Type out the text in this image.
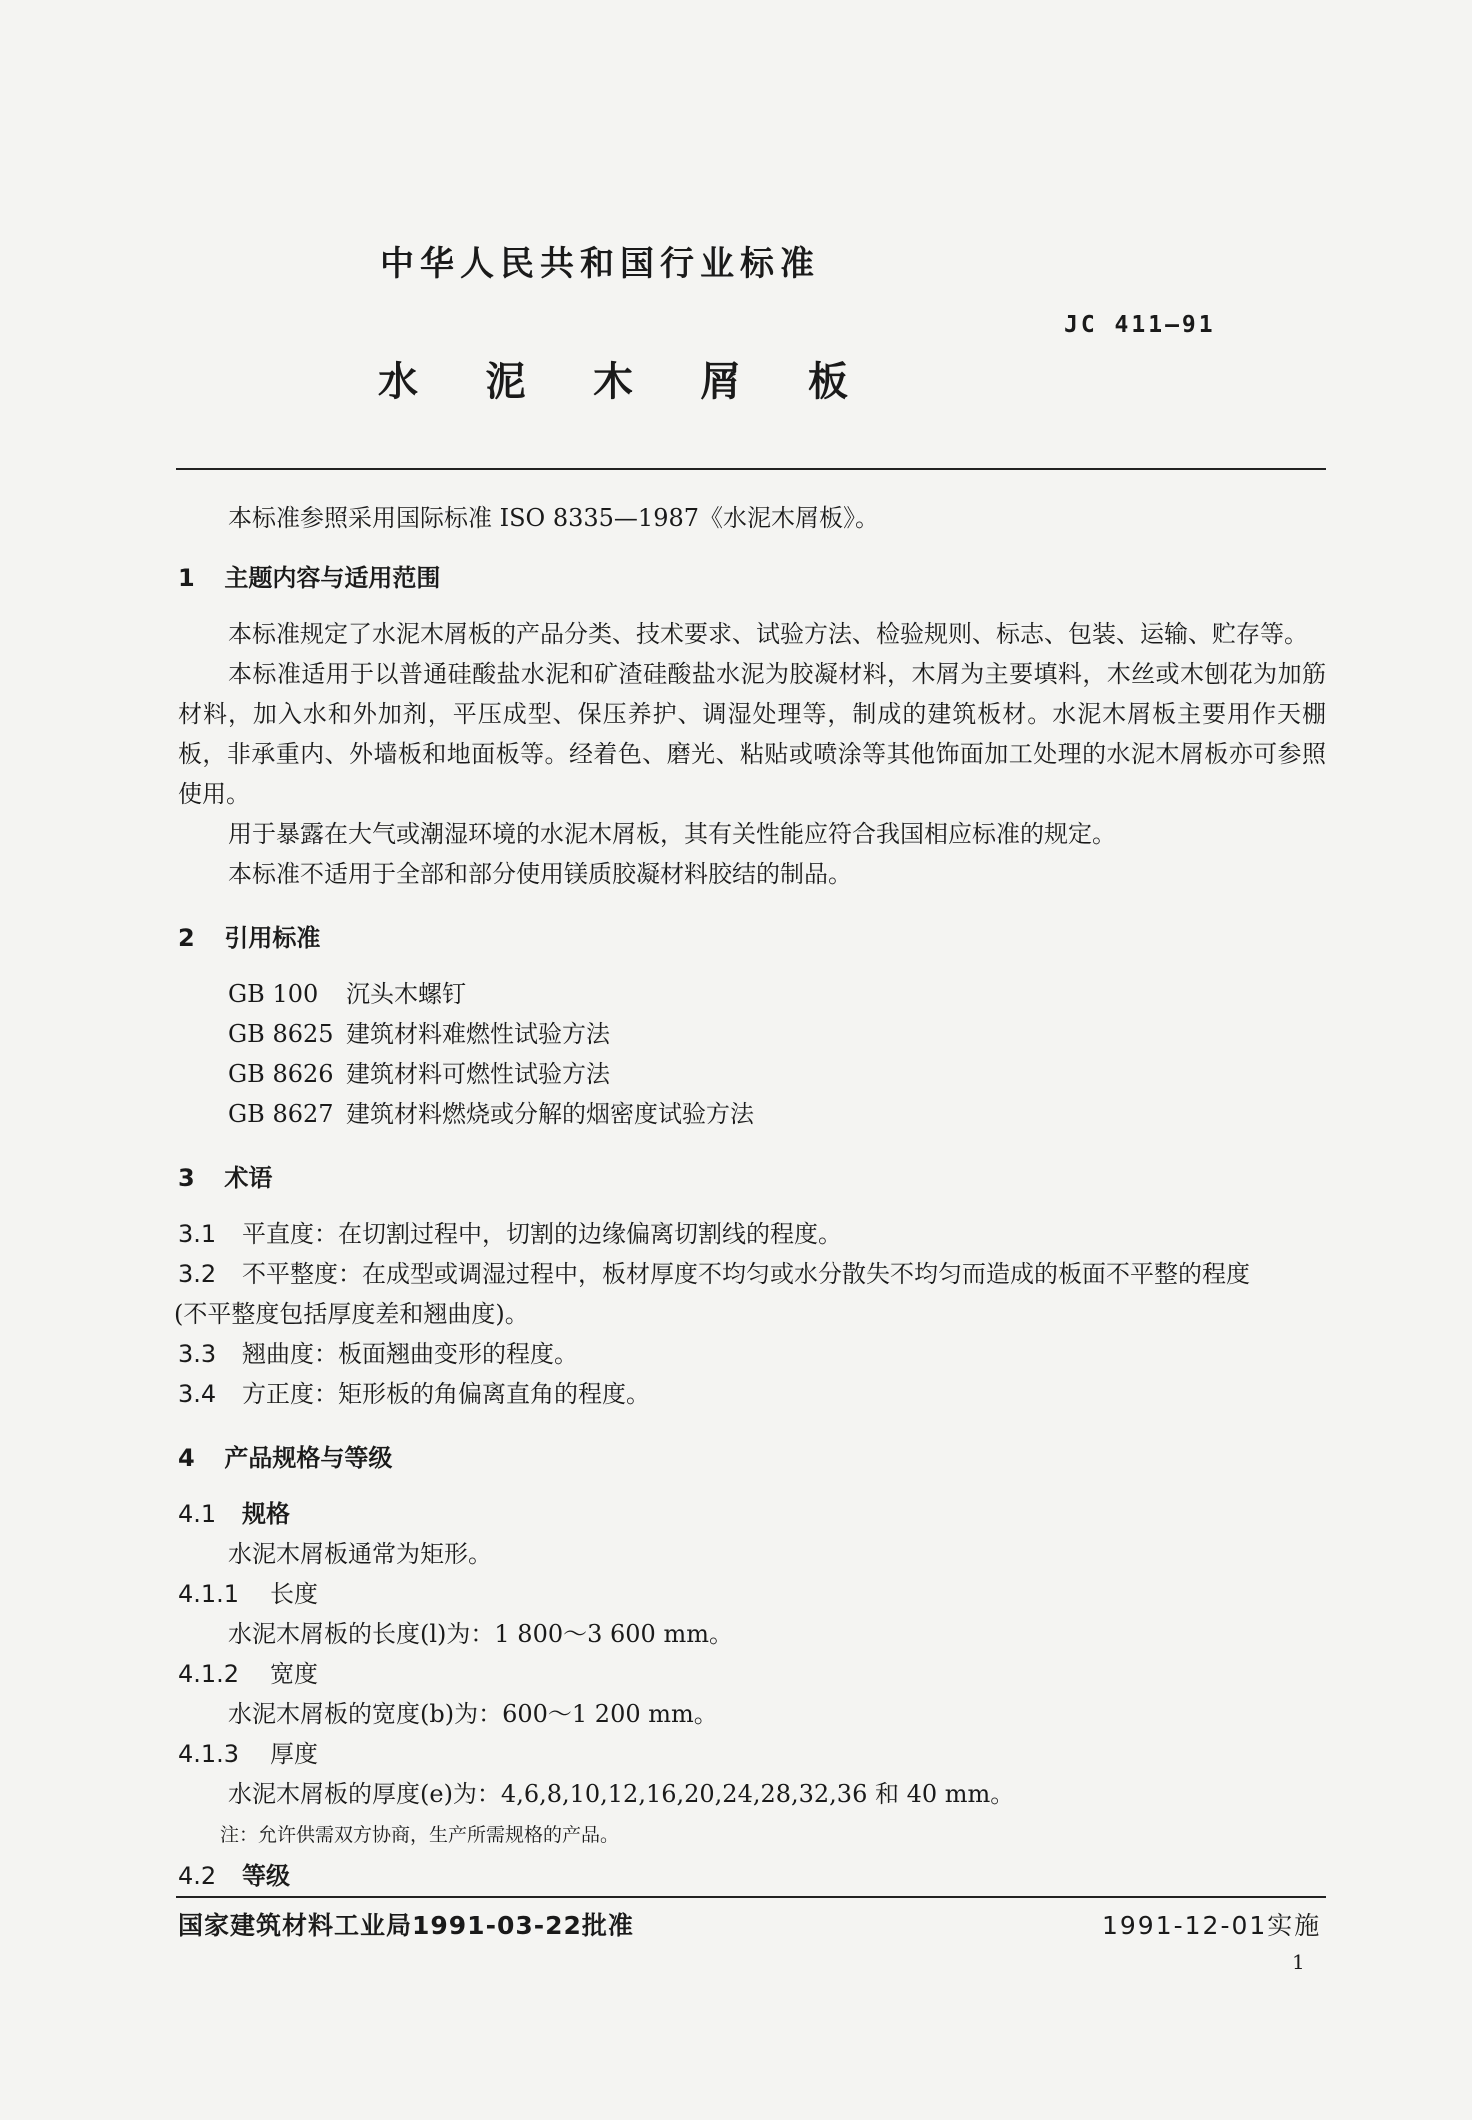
中华人民共和国行业标准
JC 411—91
水 泥 木 屑 板
本标准参照采用国际标准 ISO 8335—1987《水泥木屑板》。
1 主题内容与适用范围
本标准规定了水泥木屑板的产品分类、技术要求、试验方法、检验规则、标志、包装、运输、贮存等。
本标准适用于以普通硅酸盐水泥和矿渣硅酸盐水泥为胶凝材料，木屑为主要填料，木丝或木刨花为加筋材料，加入水和外加剂，平压成型、保压养护、调湿处理等，制成的建筑板材。水泥木屑板主要用作天棚板，非承重内、外墙板和地面板等。经着色、磨光、粘贴或喷涂等其他饰面加工处理的水泥木屑板亦可参照使用。
用于暴露在大气或潮湿环境的水泥木屑板，其有关性能应符合我国相应标准的规定。
本标准不适用于全部和部分使用镁质胶凝材料胶结的制品。
2 引用标准
GB 100 沉头木螺钉
GB 8625 建筑材料难燃性试验方法
GB 8626 建筑材料可燃性试验方法
GB 8627 建筑材料燃烧或分解的烟密度试验方法
3 术语
3.1 平直度：在切割过程中，切割的边缘偏离切割线的程度。
3.2 不平整度：在成型或调湿过程中，板材厚度不均匀或水分散失不均匀而造成的板面不平整的程度
(不平整度包括厚度差和翘曲度)。
3.3 翘曲度：板面翘曲变形的程度。
3.4 方正度：矩形板的角偏离直角的程度。
4 产品规格与等级
4.1 规格
水泥木屑板通常为矩形。
4.1.1 长度
水泥木屑板的长度(l)为：1 800～3 600 mm。
4.1.2 宽度
水泥木屑板的宽度(b)为：600～1 200 mm。
4.1.3 厚度
水泥木屑板的厚度(e)为：4,6,8,10,12,16,20,24,28,32,36 和 40 mm。
注：允许供需双方协商，生产所需规格的产品。
4.2 等级
国家建筑材料工业局1991-03-22批准	1991-12-01实施
1
